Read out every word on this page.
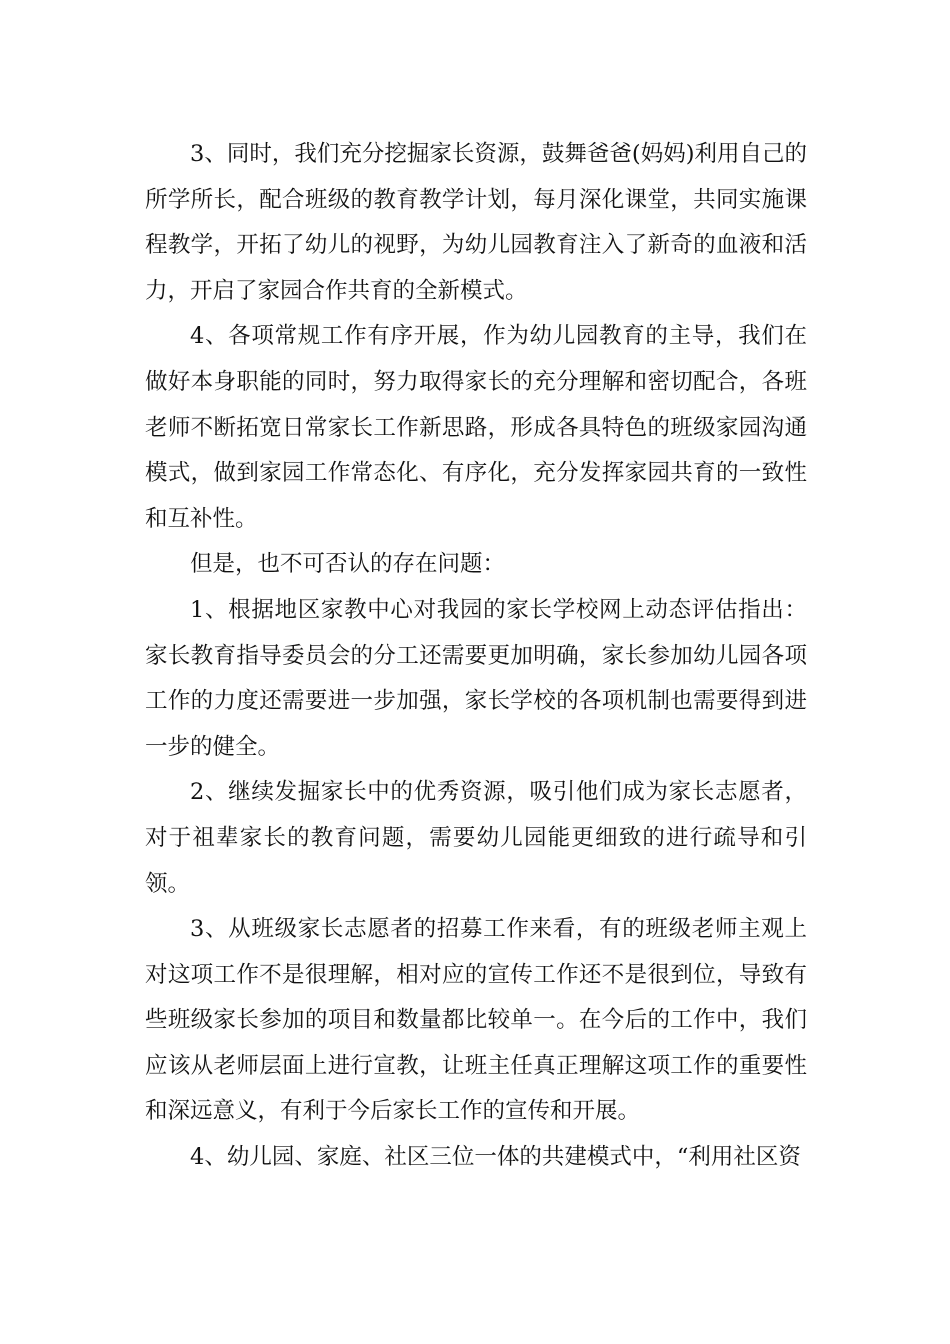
3、同时，我们充分挖掘家长资源，鼓舞爸爸(妈妈)利用自己的所学所长，配合班级的教育教学计划，每月深化课堂，共同实施课程教学，开拓了幼儿的视野，为幼儿园教育注入了新奇的血液和活力，开启了家园合作共育的全新模式。

4、各项常规工作有序开展，作为幼儿园教育的主导，我们在做好本身职能的同时，努力取得家长的充分理解和密切配合，各班老师不断拓宽日常家长工作新思路，形成各具特色的班级家园沟通模式，做到家园工作常态化、有序化，充分发挥家园共育的一致性和互补性。

但是，也不可否认的存在问题：

1、根据地区家教中心对我园的家长学校网上动态评估指出：家长教育指导委员会的分工还需要更加明确，家长参加幼儿园各项工作的力度还需要进一步加强，家长学校的各项机制也需要得到进一步的健全。

2、继续发掘家长中的优秀资源，吸引他们成为家长志愿者，对于祖辈家长的教育问题，需要幼儿园能更细致的进行疏导和引领。

3、从班级家长志愿者的招募工作来看，有的班级老师主观上对这项工作不是很理解，相对应的宣传工作还不是很到位，导致有些班级家长参加的项目和数量都比较单一。在今后的工作中，我们应该从老师层面上进行宣教，让班主任真正理解这项工作的重要性和深远意义，有利于今后家长工作的宣传和开展。

4、幼儿园、家庭、社区三位一体的共建模式中，“利用社区资
